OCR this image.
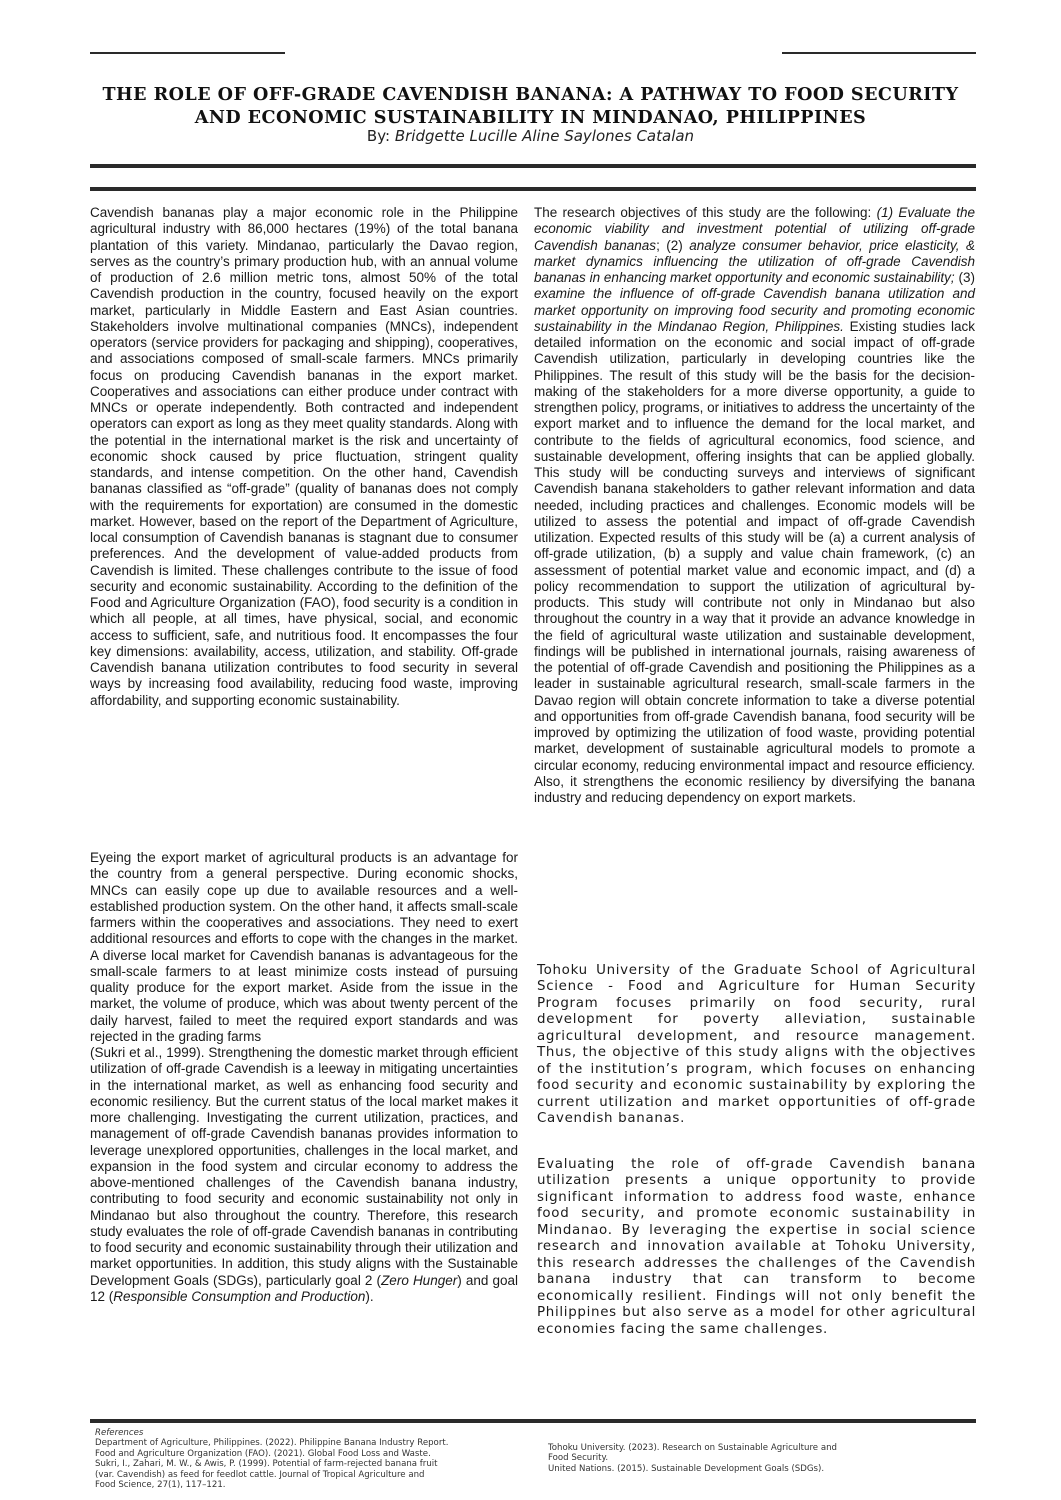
THE ROLE OF OFF-GRADE CAVENDISH BANANA: A PATHWAY TO FOOD SECURITY
AND ECONOMIC SUSTAINABILITY IN MINDANAO, PHILIPPINES

By: Bridgette Lucille Aline Saylones Catalan

Cavendish bananas play a major economic role in the Philippine agricultural industry with 86,000 hectares (19%) of the total banana plantation of this variety. Mindanao, particularly the Davao region, serves as the country’s primary production hub, with an annual volume of production of 2.6 million metric tons, almost 50% of the total Cavendish production in the country, focused heavily on the export market, particularly in Middle Eastern and East Asian countries. Stakeholders involve multinational companies (MNCs), independent operators (service providers for packaging and shipping), cooperatives, and associations composed of small-scale farmers. MNCs primarily focus on producing Cavendish bananas in the export market. Cooperatives and associations can either produce under contract with MNCs or operate independently. Both contracted and independent operators can export as long as they meet quality standards. Along with the potential in the international market is the risk and uncertainty of economic shock caused by price fluctuation, stringent quality standards, and intense competition. On the other hand, Cavendish bananas classified as “off-grade” (quality of bananas does not comply with the requirements for exportation) are consumed in the domestic market. However, based on the report of the Department of Agriculture, local consumption of Cavendish bananas is stagnant due to consumer preferences. And the development of value-added products from Cavendish is limited. These challenges contribute to the issue of food security and economic sustainability. According to the definition of the Food and Agriculture Organization (FAO), food security is a condition in which all people, at all times, have physical, social, and economic access to sufficient, safe, and nutritious food. It encompasses the four key dimensions: availability, access, utilization, and stability. Off-grade Cavendish banana utilization contributes to food security in several ways by increasing food availability, reducing food waste, improving affordability, and supporting economic sustainability.

Eyeing the export market of agricultural products is an advantage for the country from a general perspective. During economic shocks, MNCs can easily cope up due to available resources and a well-established production system. On the other hand, it affects small-scale farmers within the cooperatives and associations. They need to exert additional resources and efforts to cope with the changes in the market. A diverse local market for Cavendish bananas is advantageous for the small-scale farmers to at least minimize costs instead of pursuing quality produce for the export market. Aside from the issue in the market, the volume of produce, which was about twenty percent of the daily harvest, failed to meet the required export standards and was rejected in the grading farms
(Sukri et al., 1999). Strengthening the domestic market through efficient utilization of off-grade Cavendish is a leeway in mitigating uncertainties in the international market, as well as enhancing food security and economic resiliency. But the current status of the local market makes it more challenging. Investigating the current utilization, practices, and management of off-grade Cavendish bananas provides information to leverage unexplored opportunities, challenges in the local market, and expansion in the food system and circular economy to address the above-mentioned challenges of the Cavendish banana industry, contributing to food security and economic sustainability not only in Mindanao but also throughout the country. Therefore, this research study evaluates the role of off-grade Cavendish bananas in contributing to food security and economic sustainability through their utilization and market opportunities. In addition, this study aligns with the Sustainable Development Goals (SDGs), particularly goal 2 (Zero Hunger) and goal 12 (Responsible Consumption and Production).

The research objectives of this study are the following: (1) Evaluate the economic viability and investment potential of utilizing off-grade Cavendish bananas; (2) analyze consumer behavior, price elasticity, & market dynamics influencing the utilization of off-grade Cavendish bananas in enhancing market opportunity and economic sustainability; (3) examine the influence of off-grade Cavendish banana utilization and market opportunity on improving food security and promoting economic sustainability in the Mindanao Region, Philippines. Existing studies lack detailed information on the economic and social impact of off-grade Cavendish utilization, particularly in developing countries like the Philippines. The result of this study will be the basis for the decision-making of the stakeholders for a more diverse opportunity, a guide to strengthen policy, programs, or initiatives to address the uncertainty of the export market and to influence the demand for the local market, and contribute to the fields of agricultural economics, food science, and sustainable development, offering insights that can be applied globally. This study will be conducting surveys and interviews of significant Cavendish banana stakeholders to gather relevant information and data needed, including practices and challenges. Economic models will be utilized to assess the potential and impact of off-grade Cavendish utilization. Expected results of this study will be (a) a current analysis of off-grade utilization, (b) a supply and value chain framework, (c) an assessment of potential market value and economic impact, and (d) a policy recommendation to support the utilization of agricultural by-products. This study will contribute not only in Mindanao but also throughout the country in a way that it provide an advance knowledge in the field of agricultural waste utilization and sustainable development, findings will be published in international journals, raising awareness of the potential of off-grade Cavendish and positioning the Philippines as a leader in sustainable agricultural research, small-scale farmers in the Davao region will obtain concrete information to take a diverse potential and opportunities from off-grade Cavendish banana, food security will be improved by optimizing the utilization of food waste, providing potential market, development of sustainable agricultural models to promote a circular economy, reducing environmental impact and resource efficiency. Also, it strengthens the economic resiliency by diversifying the banana industry and reducing dependency on export markets.

Tohoku University of the Graduate School of Agricultural Science - Food and Agriculture for Human Security Program focuses primarily on food security, rural development for poverty alleviation, sustainable agricultural development, and resource management. Thus, the objective of this study aligns with the objectives of the institution’s program, which focuses on enhancing food security and economic sustainability by exploring the current utilization and market opportunities of off-grade Cavendish bananas.

Evaluating the role of off-grade Cavendish banana utilization presents a unique opportunity to provide significant information to address food waste, enhance food security, and promote economic sustainability in Mindanao. By leveraging the expertise in social science research and innovation available at Tohoku University, this research addresses the challenges of the Cavendish banana industry that can transform to become economically resilient. Findings will not only benefit the Philippines but also serve as a model for other agricultural economies facing the same challenges.

References
Department of Agriculture, Philippines. (2022). Philippine Banana Industry Report.
Food and Agriculture Organization (FAO). (2021). Global Food Loss and Waste.
Sukri, I., Zahari, M. W., & Awis, P. (1999). Potential of farm-rejected banana fruit
(var. Cavendish) as feed for feedlot cattle. Journal of Tropical Agriculture and
Food Science, 27(1), 117–121.
Tohoku University. (2023). Research on Sustainable Agriculture and
Food Security.
United Nations. (2015). Sustainable Development Goals (SDGs).
